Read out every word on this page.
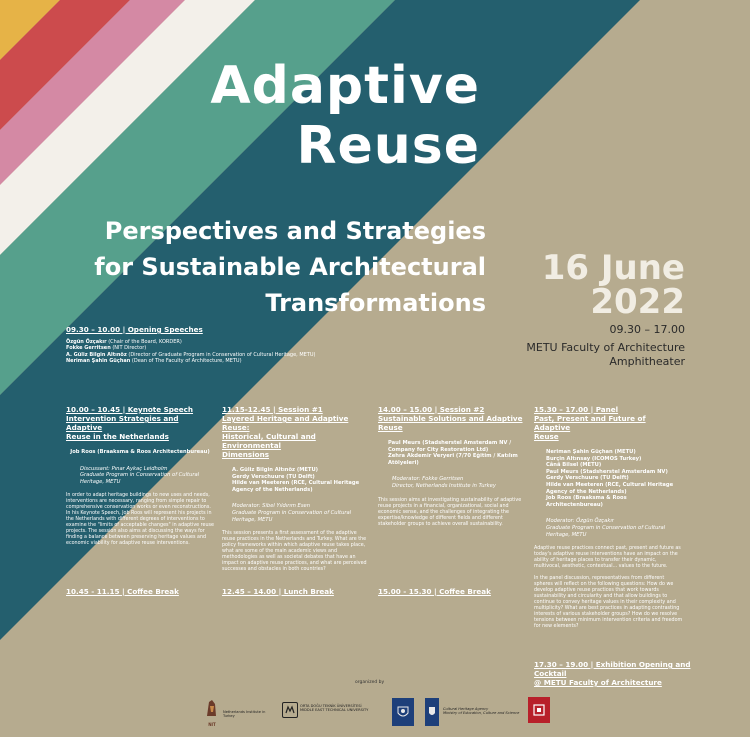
Adaptive
Reuse
Perspectives and Strategies
for Sustainable Architectural
Transformations
16 June
2022
09.30 – 17.00
METU Faculty of Architecture
Amphitheater
09.30 – 10.00 | Opening Speeches
Özgün Özçakır (Chair of the Board, KORDER)
Fokke Gerritsen (NIT Director)
A. Güliz Bilgin Altınöz (Director of Graduate Program in Conservation of Cultural Heritage, METU)
Neriman Şahin Güçhan (Dean of The Faculty of Architecture, METU)
10.00 – 10.45 | Keynote Speech
Intervention Strategies and Adaptive
Reuse in the Netherlands
Job Roos (Braaksma & Roos Architectenbureau)
Discussant: Pınar Aykaç Leidholm
Graduate Program in Conservation of Cultural
Heritage, METU
In order to adapt heritage buildings to new uses and needs, interventions are necessary, ranging from simple repair to comprehensive conservation works or even reconstructions. In his Keynote Speech, Job Roos will represent his projects in the Netherlands with different degrees of interventions to examine the "limits of acceptable changes" in adaptive reuse projects. The session also aims at discussing the ways for finding a balance between preserving heritage values and economic viability for adaptive reuse interventions.
11.15-12.45 | Session #1
Layered Heritage and Adaptive Reuse:
Historical, Cultural and Environmental
Dimensions
A. Güliz Bilgin Altınöz (METU)
Gerdy Verschuure (TU Delft)
Hilde van Meeteren (RCE, Cultural Heritage
Agency of the Netherlands)
Moderator: Sibel Yıldırım Esen
Graduate Program in Conservation of Cultural
Heritage, METU
This session presents a first assessment of the adaptive reuse practices in the Netherlands and Turkey. What are the policy frameworks within which adaptive reuse takes place, what are some of the main academic views and methodologies as well as societal debates that have an impact on adaptive reuse practices, and what are perceived successes and obstacles in both countries?
14.00 – 15.00 | Session #2
Sustainable Solutions and Adaptive
Reuse
Paul Meurs (Stadsherstel Amsterdam NV /
Company for City Restoration Ltd)
Zehra Akdemir Veryeri (7/70 Eğitim / Katılım
Atölyeleri)
Moderator: Fokke Gerritsen
Director, Netherlands Institute in Turkey
This session aims at investigating sustainability of adaptive reuse projects in a financial, organizational, social and economic sense, and the challenges of integrating the expertise/knowledge of different fields and different stakeholder groups to achieve overall sustainability.
15.30 – 17.00 | Panel
Past, Present and Future of Adaptive
Reuse
Neriman Şahin Güçhan (METU)
Burçin Altınsay (ICOMOS Turkey)
Cânâ Bilsel (METU)
Paul Meurs (Stadsherstel Amsterdam NV)
Gerdy Verschuure (TU Delft)
Hilde van Meeteren (RCE, Cultural Heritage
Agency of the Netherlands)
Job Roos (Braaksma & Roos
Architectenbureau)
Moderator: Özgün Özçakır
Graduate Program in Conservation of Cultural
Heritage, METU
Adaptive reuse practices connect past, present and future as today's adaptive reuse interventions have an impact on the ability of heritage places to transfer their dynamic, multivocal, aesthetic, contextual... values to the future.
In the panel discussion, representatives from different spheres will reflect on the following questions: How do we develop adaptive reuse practices that work towards sustainability and circularity and that allow buildings to continue to convey heritage values in their complexity and multiplicity? What are best practices in adapting contrasting interests of various stakeholder groups? How do we resolve tensions between minimum intervention criteria and freedom for new elements?
10.45 - 11.15 | Coffee Break	12.45 – 14.00 | Lunch Break	15.00 - 15.30 | Coffee Break
17.30 – 19.00 | Exhibition Opening and Cocktail
@ METU Faculty of Architecture
organized by
NIT
Netherlands Institute in Turkey
ORTA DOĞU TEKNİK ÜNİVERSİTESİ
MIDDLE EAST TECHNICAL UNIVERSITY	Cultural Heritage Agency
Ministry of Education, Culture and Science
